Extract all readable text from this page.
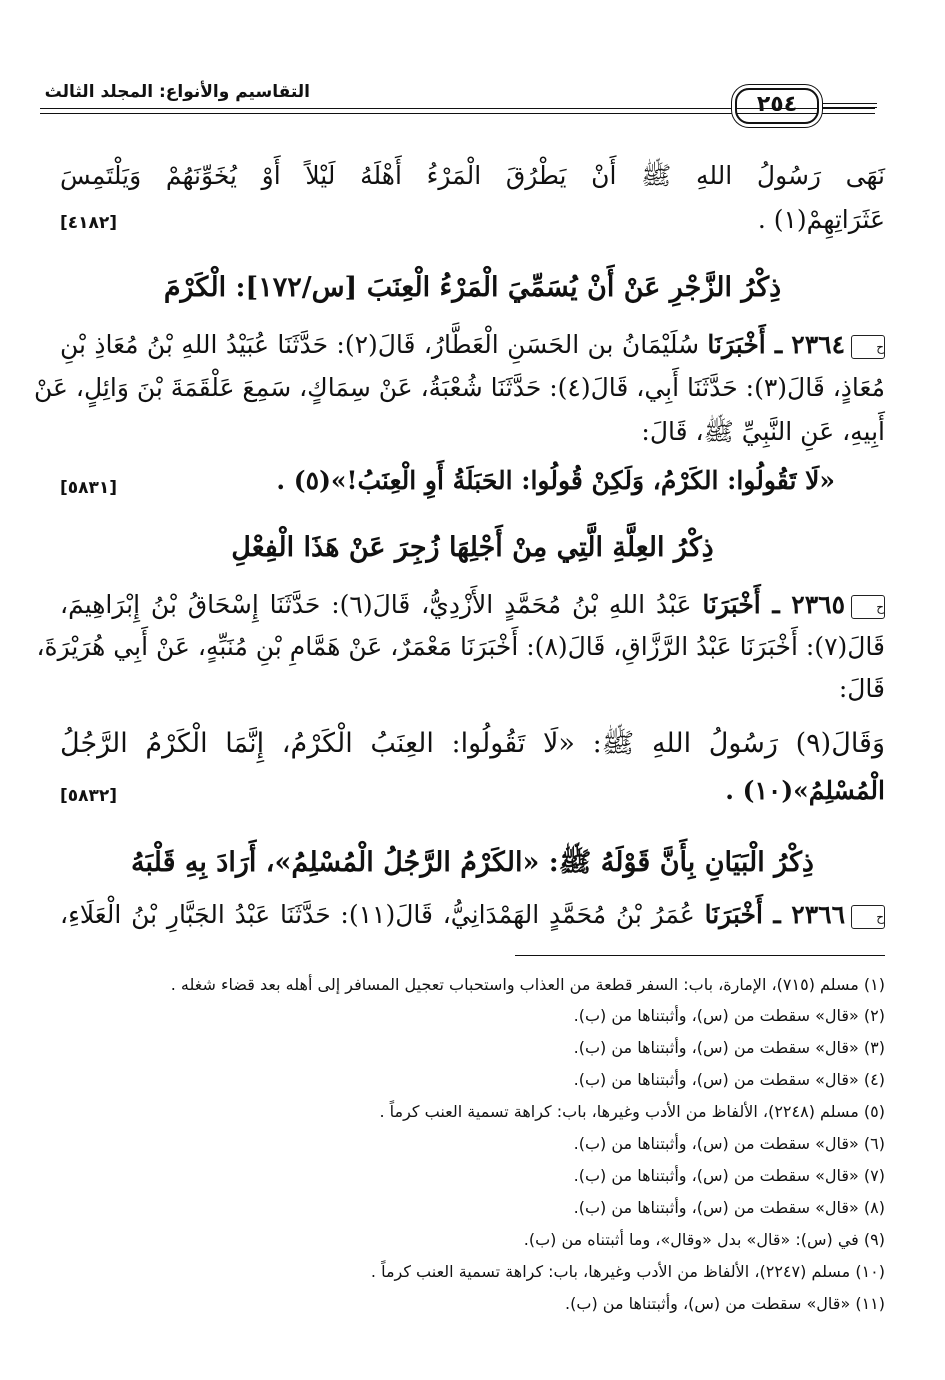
التقاسيم والأنواع: المجلد الثالث	٢٥٤
نَهَى رَسُولُ اللهِ ﷺ أَنْ يَطْرُقَ الْمَرْءُ أَهْلَهُ لَيْلاً أَوْ يُخَوِّنَهُمْ وَيَلْتَمِسَ
عَثَرَاتِهِمْ(١) .
[٤١٨٢]
ذِكْرُ الزَّجْرِ عَنْ أَنْ يُسَمِّيَ الْمَرْءُ الْعِنَبَ [س/١٧٢]: الْكَرْمَ
ح٢٣٦٤ ـ أَخْبَرَنَا سُلَيْمَانُ بن الحَسَنِ الْعَطَّارُ، قَالَ(٢): حَدَّثَنَا عُبَيْدُ اللهِ بْنُ مُعَاذِ بْنِ
مُعَاذٍ، قَالَ(٣): حَدَّثَنَا أَبِي، قَالَ(٤): حَدَّثَنَا شُعْبَةُ، عَنْ سِمَاكٍ، سَمِعَ عَلْقَمَةَ بْنَ وَائِلٍ، عَنْ
أَبِيهِ، عَنِ النَّبِيِّ ﷺ، قَالَ:
«لَا تَقُولُوا: الكَرْمُ، وَلَكِنْ قُولُوا: الحَبَلَةُ أَوِ الْعِنَبُ!»(٥) .
[٥٨٣١]
ذِكْرُ العِلَّةِ الَّتِي مِنْ أَجْلِهَا زُجِرَ عَنْ هَذَا الْفِعْلِ
ح٢٣٦٥ ـ أَخْبَرَنَا عَبْدُ اللهِ بْنُ مُحَمَّدٍ الأَزْدِيُّ، قَالَ(٦): حَدَّثَنَا إِسْحَاقُ بْنُ إِبْرَاهِيمَ،
قَالَ(٧): أَخْبَرَنَا عَبْدُ الرَّزَّاقِ، قَالَ(٨): أَخْبَرَنَا مَعْمَرٌ، عَنْ هَمَّامِ بْنِ مُنَبِّهٍ، عَنْ أَبِي هُرَيْرَةَ،
قَالَ:
وَقَالَ(٩) رَسُولُ اللهِ ﷺ: «لَا تَقُولُوا: العِنَبُ الْكَرْمُ، إِنَّمَا الْكَرْمُ الرَّجُلُ
الْمُسْلِمُ»(١٠) .
[٥٨٣٢]
ذِكْرُ الْبَيَانِ بِأَنَّ قَوْلَهُ ﷺ: «الكَرْمُ الرَّجُلُ الْمُسْلِمُ»، أَرَادَ بِهِ قَلْبَهُ
ح٢٣٦٦ ـ أَخْبَرَنَا عُمَرُ بْنُ مُحَمَّدٍ الهَمْدَانِيُّ، قَالَ(١١): حَدَّثَنَا عَبْدُ الجَبَّارِ بْنُ الْعَلَاءِ،
(١) مسلم (٧١٥)، الإمارة، باب: السفر قطعة من العذاب واستحباب تعجيل المسافر إلى أهله بعد قضاء شغله .
(٢) «قال» سقطت من (س)، وأثبتناها من (ب).
(٣) «قال» سقطت من (س)، وأثبتناها من (ب).
(٤) «قال» سقطت من (س)، وأثبتناها من (ب).
(٥) مسلم (٢٢٤٨)، الألفاظ من الأدب وغيرها، باب: كراهة تسمية العنب كرماً .
(٦) «قال» سقطت من (س)، وأثبتناها من (ب).
(٧) «قال» سقطت من (س)، وأثبتناها من (ب).
(٨) «قال» سقطت من (س)، وأثبتناها من (ب).
(٩) في (س): «قال» بدل «وقال»، وما أثبتناه من (ب).
(١٠) مسلم (٢٢٤٧)، الألفاظ من الأدب وغيرها، باب: كراهة تسمية العنب كرماً .
(١١) «قال» سقطت من (س)، وأثبتناها من (ب).
